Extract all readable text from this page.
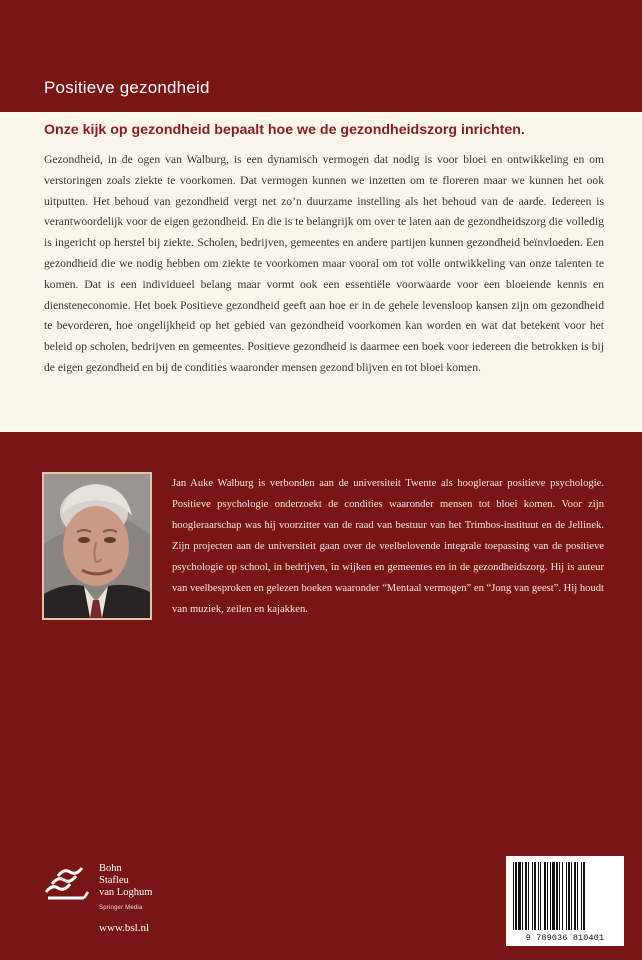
Positieve gezondheid
Onze kijk op gezondheid bepaalt hoe we de gezondheidszorg inrichten.
Gezondheid, in de ogen van Walburg, is een dynamisch vermogen dat nodig is voor bloei en ontwikkeling en om verstoringen zoals ziekte te voorkomen. Dat vermogen kunnen we inzetten om te floreren maar we kunnen het ook uitputten. Het behoud van gezondheid vergt net zo’n duurzame instelling als het behoud van de aarde. Iedereen is verantwoordelijk voor de eigen gezondheid. En die is te belangrijk om over te laten aan de gezondheidszorg die volledig is ingericht op herstel bij ziekte. Scholen, bedrijven, gemeentes en andere partijen kunnen gezondheid beïnvloeden. Een gezondheid die we nodig hebben om ziekte te voorkomen maar vooral om tot volle ontwikkeling van onze talenten te komen. Dat is een individueel belang maar vormt ook een essentiële voorwaarde voor een bloeiende kennis en diensteneconomie. Het boek Positieve gezondheid geeft aan hoe er in de gehele levensloop kansen zijn om gezondheid te bevorderen, hoe ongelijkheid op het gebied van gezondheid voorkomen kan worden en wat dat betekent voor het beleid op scholen, bedrijven en gemeentes. Positieve gezondheid is daarmee een boek voor iedereen die betrokken is bij de eigen gezondheid en bij de condities waaronder mensen gezond blijven en tot bloei komen.
Jan Auke Walburg is verbonden aan de universiteit Twente als hoogleraar positieve psychologie. Positieve psychologie onderzoekt de condities waaronder mensen tot bloei komen. Voor zijn hoogleraarschap was hij voorzitter van de raad van bestuur van het Trimbos-instituut en de Jellinek. Zijn projecten aan de universiteit gaan over de veelbelovende integrale toepassing van de positieve psychologie op school, in bedrijven, in wijken en gemeentes en in de gezondheidszorg. Hij is auteur van veelbesproken en gelezen boeken waaronder “Mentaal vermogen” en “Jong van geest”. Hij houdt van muziek, zeilen en kajakken.
Bohn
Stafleu
van Loghum
Springer Media
www.bsl.nl
9 789036 810401
